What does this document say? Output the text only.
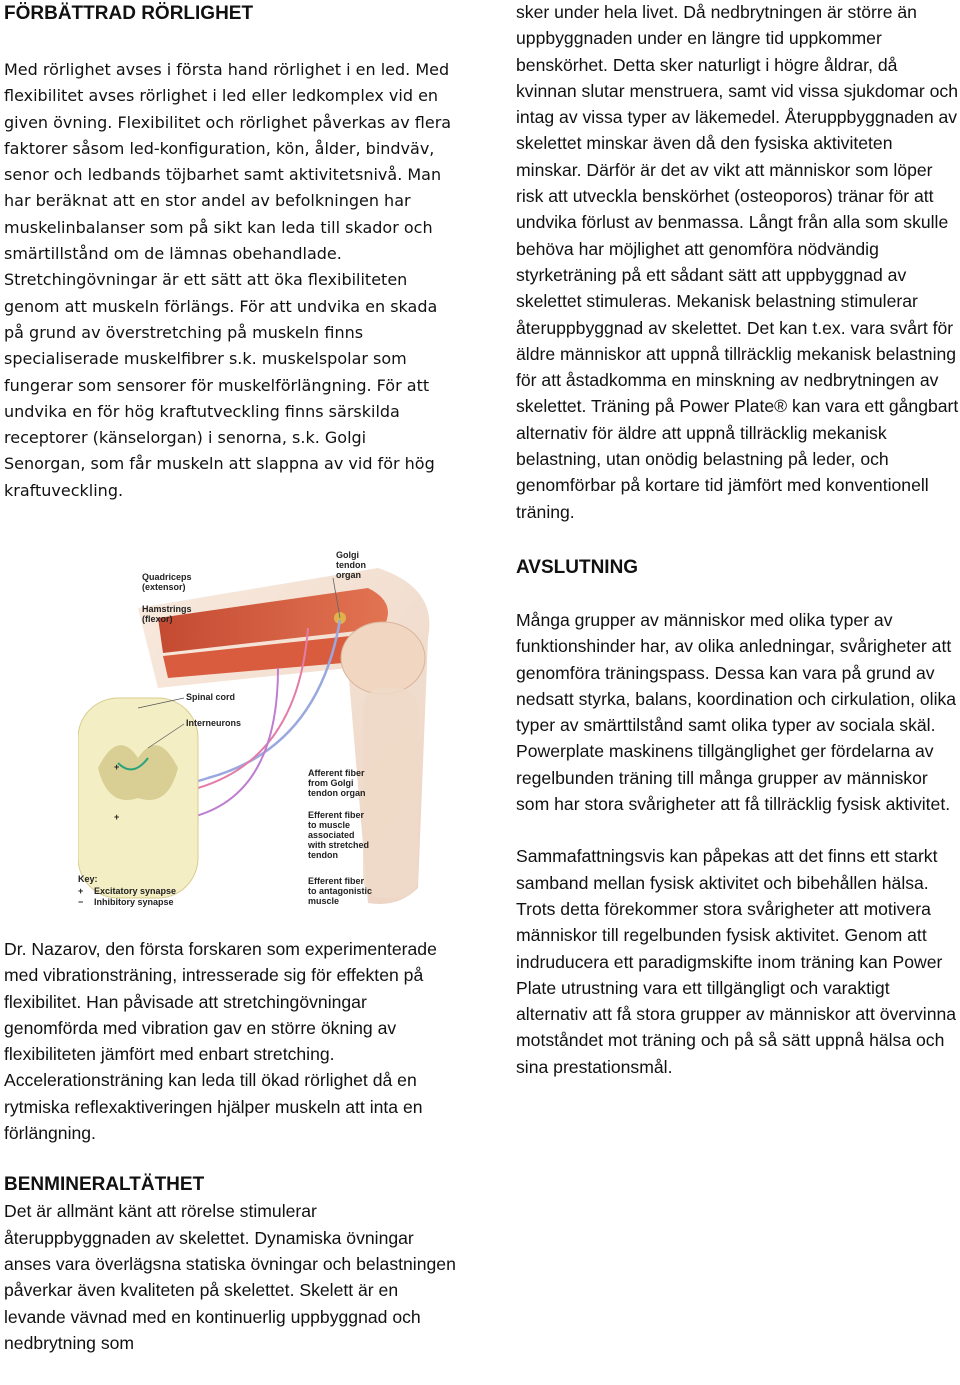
FÖRBÄTTRAD RÖRLIGHET

Med rörlighet avses i första hand rörlighet i en led. Med flexibilitet avses rörlighet i led eller ledkomplex vid en given övning. Flexibilitet och rörlighet påverkas av flera faktorer såsom led-konfiguration, kön, ålder, bindväv, senor och ledbands töjbarhet samt aktivitetsnivå. Man har beräknat att en stor andel av befolkningen har muskelinbalanser som på sikt kan leda till skador och smärtillstånd om de lämnas obehandlade. Stretchingövningar är ett sätt att öka flexibiliteten genom att muskeln förlängs. För att undvika en skada på grund av överstretching på muskeln finns specialiserade muskelfibrer s.k. muskelspolar som fungerar som sensorer för muskelförlängning. För att undvika en för hög kraftutveckling finns särskilda receptorer (känselorgan) i senorna, s.k. Golgi Senorgan, som får muskeln att slappna av vid för hög kraftuveckling.

+
+
Quadriceps (extensor)
Hamstrings (flexor)
Golgi tendon organ
Spinal cord
Interneurons
Afferent fiber from Golgi tendon organ
Efferent fiber to muscle associated with stretched tendon
Efferent fiber to antagonistic muscle
Key:
+ Excitatory synapse
− Inhibitory synapse

Dr. Nazarov, den första forskaren som experimenterade med vibrationsträning, intresserade sig för effekten på flexibilitet. Han påvisade att stretchingövningar genomförda med vibration gav en större ökning av flexibiliteten jämfört med enbart stretching. Accelerationsträning kan leda till ökad rörlighet då en rytmiska reflexaktiveringen hjälper muskeln att inta en förlängning.

BENMINERALTÄTHET

Det är allmänt känt att rörelse stimulerar återuppbyggnaden av skelettet. Dynamiska övningar anses vara överlägsna statiska övningar och belastningen påverkar även kvaliteten på skelettet. Skelett är en levande vävnad med en kontinuerlig uppbyggnad och nedbrytning som

sker under hela livet. Då nedbrytningen är större än uppbyggnaden under en längre tid uppkommer benskörhet. Detta sker naturligt i högre åldrar, då kvinnan slutar menstruera, samt vid vissa sjukdomar och intag av vissa typer av läkemedel. Återuppbyggnaden av skelettet minskar även då den fysiska aktiviteten minskar. Därför är det av vikt att människor som löper risk att utveckla benskörhet (osteoporos) tränar för att undvika förlust av benmassa. Långt från alla som skulle behöva har möjlighet att genomföra nödvändig styrketräning på ett sådant sätt att uppbyggnad av skelettet stimuleras. Mekanisk belastning stimulerar återuppbyggnad av skelettet. Det kan t.ex. vara svårt för äldre människor att uppnå tillräcklig mekanisk belastning för att åstadkomma en minskning av nedbrytningen av skelettet. Träning på Power Plate® kan vara ett gångbart alternativ för äldre att uppnå tillräcklig mekanisk belastning, utan onödig belastning på leder, och genomförbar på kortare tid jämfört med konventionell träning.

AVSLUTNING

Många grupper av människor med olika typer av funktionshinder har, av olika anledningar, svårigheter att genomföra träningspass. Dessa kan vara på grund av nedsatt styrka, balans, koordination och cirkulation, olika typer av smärttilstånd samt olika typer av sociala skäl. Powerplate maskinens tillgänglighet ger fördelarna av regelbunden träning till många grupper av människor som har stora svårigheter att få tillräcklig fysisk aktivitet.

Sammafattningsvis kan påpekas att det finns ett starkt samband mellan fysisk aktivitet och bibehållen hälsa. Trots detta förekommer stora svårigheter att motivera människor till regelbunden fysisk aktivitet. Genom att indruducera ett paradigmskifte inom träning kan Power Plate utrustning vara ett tillgängligt och varaktigt alternativ att få stora grupper av människor att övervinna motståndet mot träning och på så sätt uppnå hälsa och sina prestationsmål.
